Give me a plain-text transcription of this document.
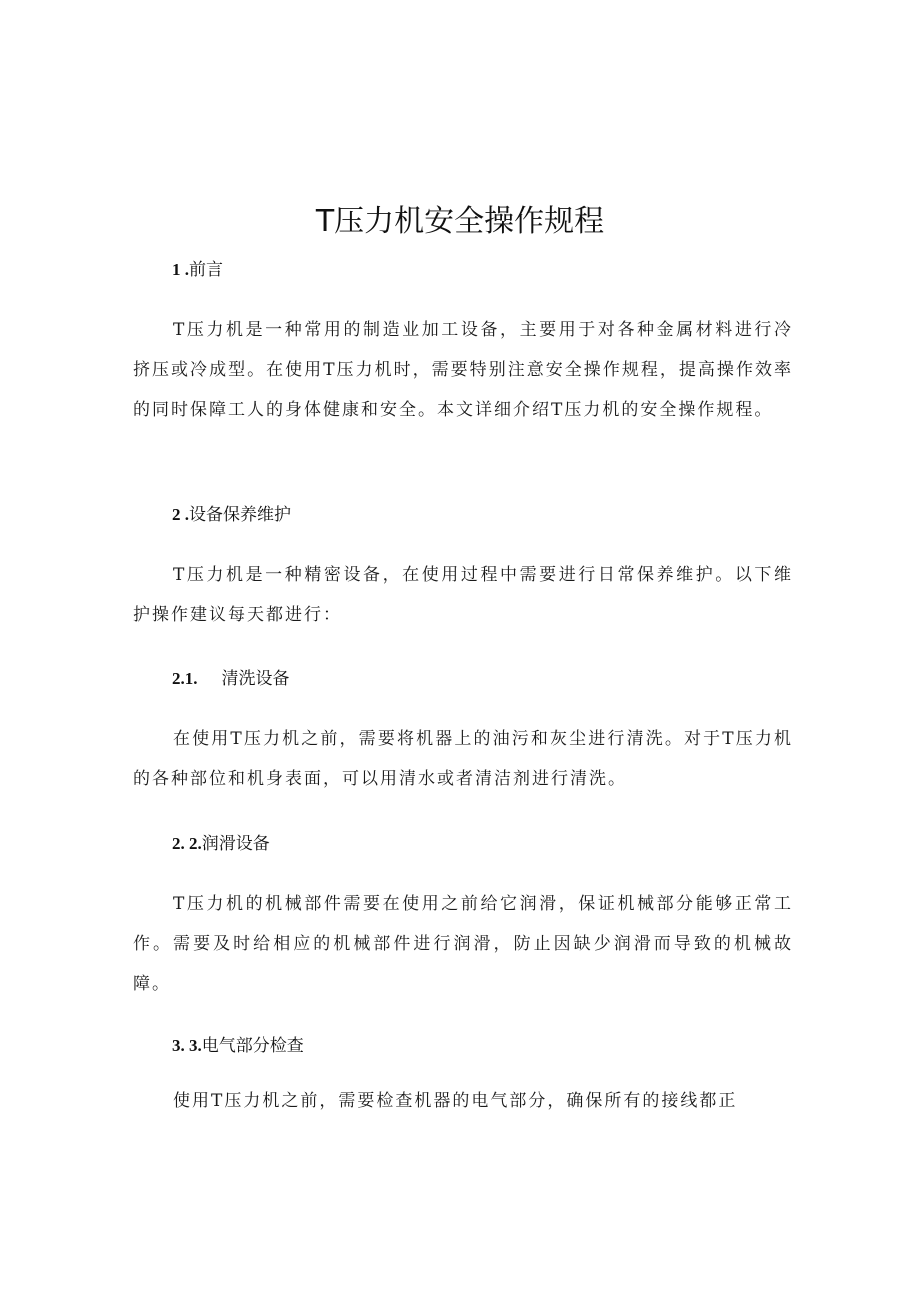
T压力机安全操作规程
1 .前言
T压力机是一种常用的制造业加工设备，主要用于对各种金属材料进行冷挤压或冷成型。在使用T压力机时，需要特别注意安全操作规程，提高操作效率的同时保障工人的身体健康和安全。本文详细介绍T压力机的安全操作规程。
2 .设备保养维护
T压力机是一种精密设备，在使用过程中需要进行日常保养维护。以下维护操作建议每天都进行：
2.1. 清洗设备
在使用T压力机之前，需要将机器上的油污和灰尘进行清洗。对于T压力机的各种部位和机身表面，可以用清水或者清洁剂进行清洗。
2. 2.润滑设备
T压力机的机械部件需要在使用之前给它润滑，保证机械部分能够正常工作。需要及时给相应的机械部件进行润滑，防止因缺少润滑而导致的机械故障。
3. 3.电气部分检查
使用T压力机之前，需要检查机器的电气部分，确保所有的接线都正
